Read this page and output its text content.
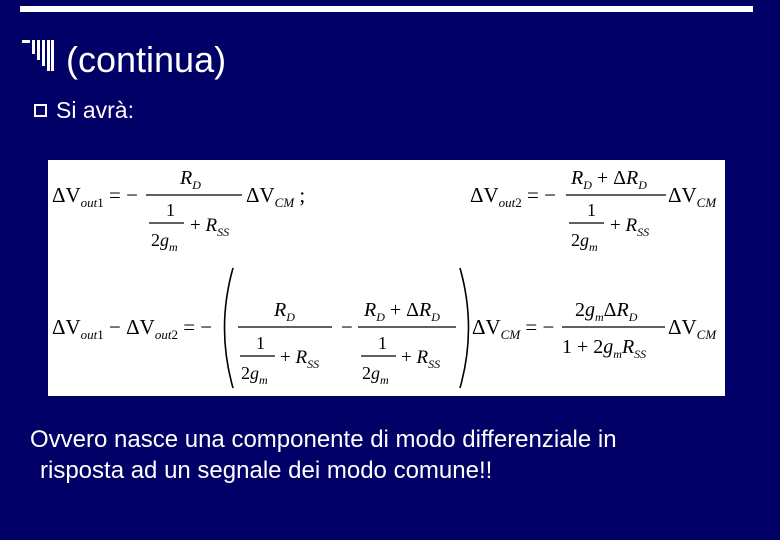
(continua)
Si avrà:
$\Delta V_{out}1$ = −
$R_D$
1
$2g_m$
+ $R_{SS}$
$\Delta V_{CM}$ ;	$\Delta V_{out}2$ = −
$R_D + \Delta R_D$
1
$2g_m$
+ $R_{SS}$
$\Delta V_{CM}$
$\Delta V_{out}1 - \Delta V_{out}2$ = −
$R_D$
1
$2g_m$
+ $R_{SS}$
−
$R_D + \Delta R_D$
1
$2g_m$
+ $R_{SS}$
$\Delta V_{CM}$ = −
$2g_m\Delta R_D$
$1 + 2g_mR_{SS}$
$\Delta V_{CM}$
Ovvero nasce una componente di modo differenziale in
risposta ad un segnale dei modo comune!!
